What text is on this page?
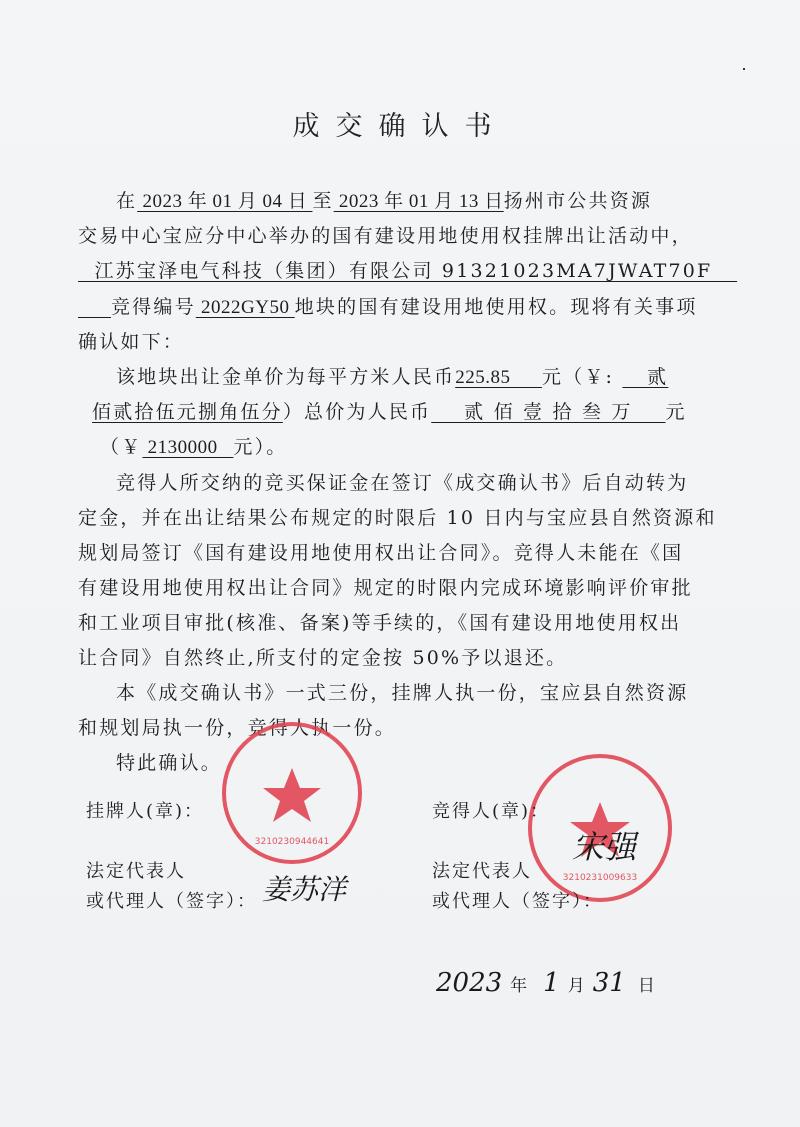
成交确认书
在 2023 年 01 月 04 日 至 2023 年 01 月 13 日扬州市公共资源
交易中心宝应分中心举办的国有建设用地使用权挂牌出让活动中，
江苏宝泽电气科技（集团）有限公司 91321023MA7JWAT70F
竞得编号 2022GY50 地块的国有建设用地使用权。现将有关事项
确认如下：
该地块出让金单价为每平方米人民币225.85      元（￥:    贰
佰贰拾伍元捌角伍分）总价为人民币    贰 佰 壹 拾 叁 万    元
（￥ 2130000   元）。
竞得人所交纳的竞买保证金在签订《成交确认书》后自动转为
定金，并在出让结果公布规定的时限后 10 日内与宝应县自然资源和
规划局签订《国有建设用地使用权出让合同》。竞得人未能在《国
有建设用地使用权出让合同》规定的时限内完成环境影响评价审批
和工业项目审批(核准、备案)等手续的，《国有建设用地使用权出
让合同》自然终止,所支付的定金按 50%予以退还。
本《成交确认书》一式三份，挂牌人执一份，宝应县自然资源
和规划局执一份，竞得人执一份。
特此确认。
3210230944641
3210231009633
挂牌人(章)：	竞得人(章)：
法定代表人
或代理人（签字）：
法定代表人
或代理人（签字）：
姜苏洋
宋强
2023 年 1 月 31 日
